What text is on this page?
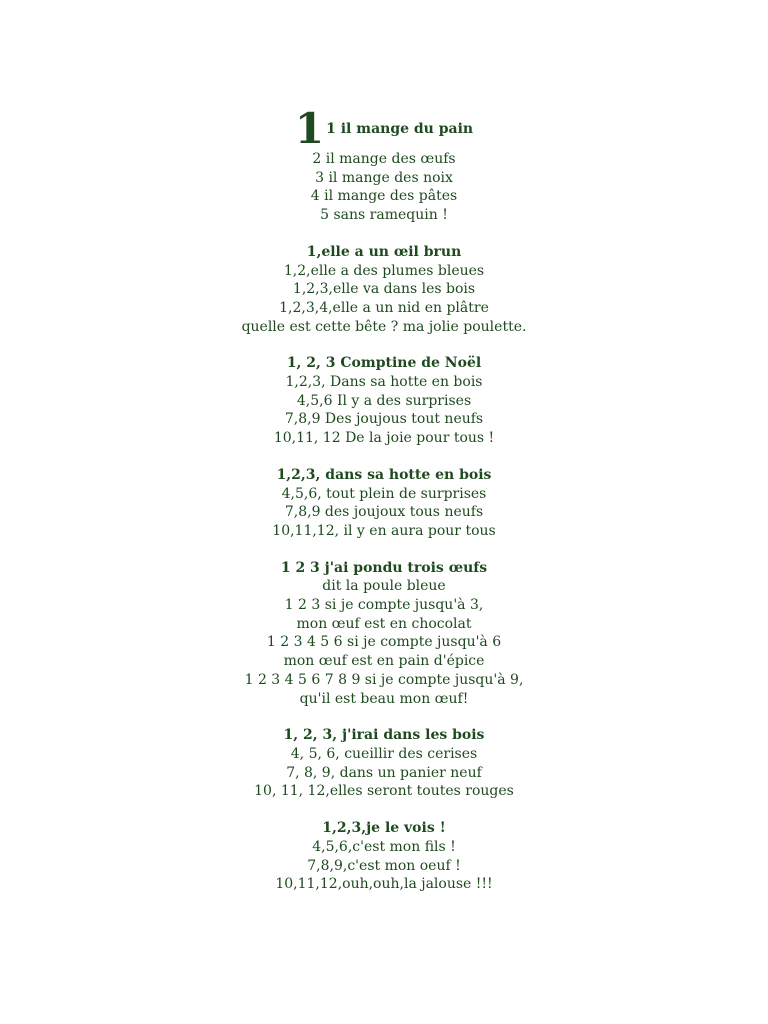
1 1 il mange du pain
2 il mange des œufs
3 il mange des noix
4 il mange des pâtes
5 sans ramequin !
1,elle a un œil brun
1,2,elle a des plumes bleues
1,2,3,elle va dans les bois
1,2,3,4,elle a un nid en plâtre
quelle est cette bête ? ma jolie poulette.
1, 2, 3 Comptine de Noël
1,2,3, Dans sa hotte en bois
4,5,6 Il y a des surprises
7,8,9 Des joujous tout neufs
10,11, 12 De la joie pour tous !
1,2,3, dans sa hotte en bois
4,5,6, tout plein de surprises
7,8,9 des joujoux tous neufs
10,11,12, il y en aura pour tous
1 2 3 j'ai pondu trois œufs
dit la poule bleue
1 2 3 si je compte jusqu'à 3,
mon œuf est en chocolat
1 2 3 4 5 6 si je compte jusqu'à 6
mon œuf est en pain d'épice
1 2 3 4 5 6 7 8 9 si je compte jusqu'à 9,
qu'il est beau mon œuf!
1, 2, 3, j'irai dans les bois
4, 5, 6, cueillir des cerises
7, 8, 9, dans un panier neuf
10, 11, 12,elles seront toutes rouges
1,2,3,je le vois !
4,5,6,c'est mon fils !
7,8,9,c'est mon oeuf !
10,11,12,ouh,ouh,la jalouse !!!
